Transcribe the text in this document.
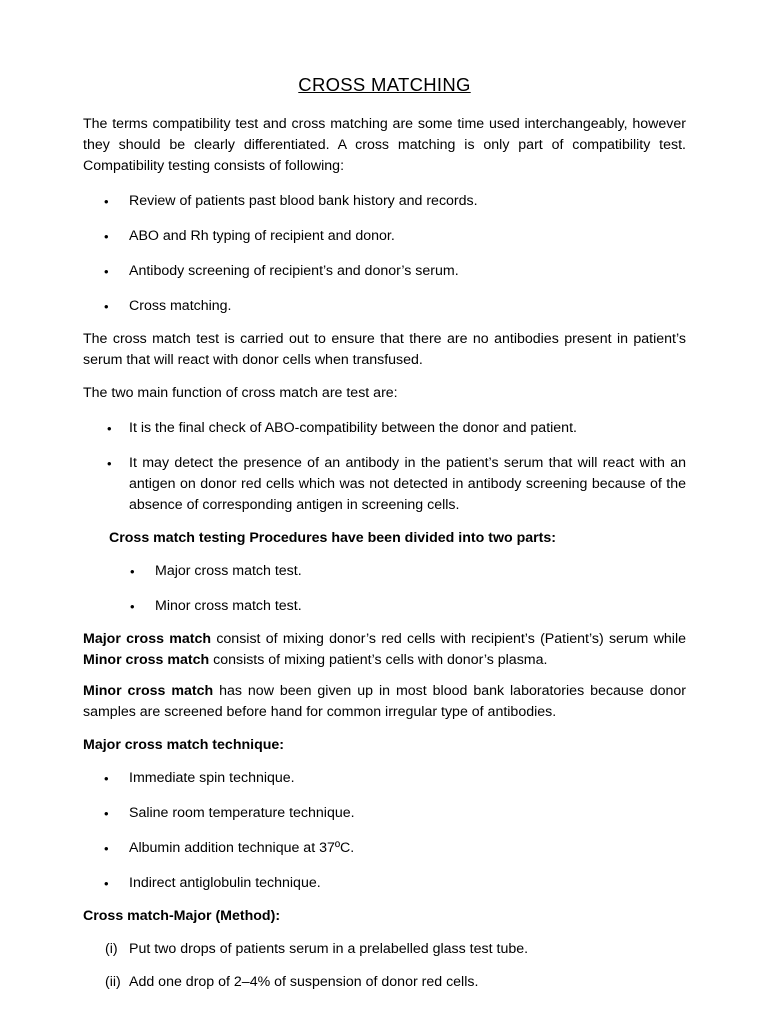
CROSS MATCHING

The terms compatibility test and cross matching are some time used interchangeably, however they should be clearly differentiated. A cross matching is only part of compatibility test. Compatibility testing consists of following:

• Review of patients past blood bank history and records.
• ABO and Rh typing of recipient and donor.
• Antibody screening of recipient’s and donor’s serum.
• Cross matching.

The cross match test is carried out to ensure that there are no antibodies present in patient’s serum that will react with donor cells when transfused.

The two main function of cross match are test are:

• It is the final check of ABO-compatibility between the donor and patient.
• It may detect the presence of an antibody in the patient’s serum that will react with an antigen on donor red cells which was not detected in antibody screening because of the absence of corresponding antigen in screening cells.

Cross match testing Procedures have been divided into two parts:

• Major cross match test.
• Minor cross match test.

Major cross match consist of mixing donor’s red cells with recipient’s (Patient’s) serum while Minor cross match consists of mixing patient’s cells with donor’s plasma.

Minor cross match has now been given up in most blood bank laboratories because donor samples are screened before hand for common irregular type of antibodies.

Major cross match technique:

• Immediate spin technique.
• Saline room temperature technique.
• Albumin addition technique at 37ºC.
• Indirect antiglobulin technique.

Cross match-Major (Method):

(i) Put two drops of patients serum in a prelabelled glass test tube.
(ii) Add one drop of 2–4% of suspension of donor red cells.
